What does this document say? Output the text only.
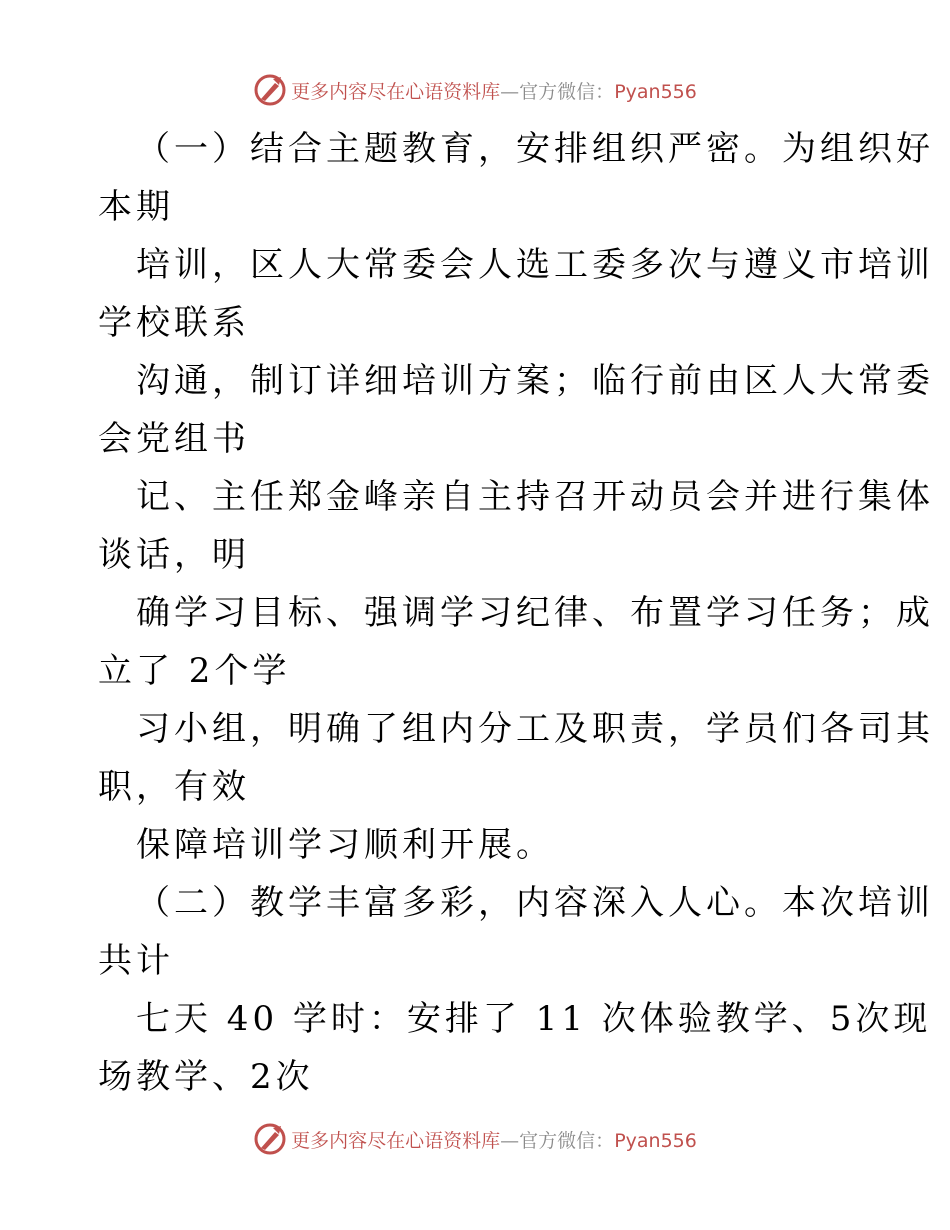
更多内容尽在心语资料库—官方微信：Pyan556
（一）结合主题教育，安排组织严密。为组织好
本期
培训，区人大常委会人选工委多次与遵义市培训
学校联系
沟通，制订详细培训方案；临行前由区人大常委
会党组书
记、主任郑金峰亲自主持召开动员会并进行集体
谈话，明
确学习目标、强调学习纪律、布置学习任务；成
立了 2个学
习小组，明确了组内分工及职责，学员们各司其
职，有效
保障培训学习顺利开展。
（二）教学丰富多彩，内容深入人心。本次培训
共计
七天 40 学时：安排了 11 次体验教学、5次现
场教学、2次
更多内容尽在心语资料库—官方微信：Pyan556
